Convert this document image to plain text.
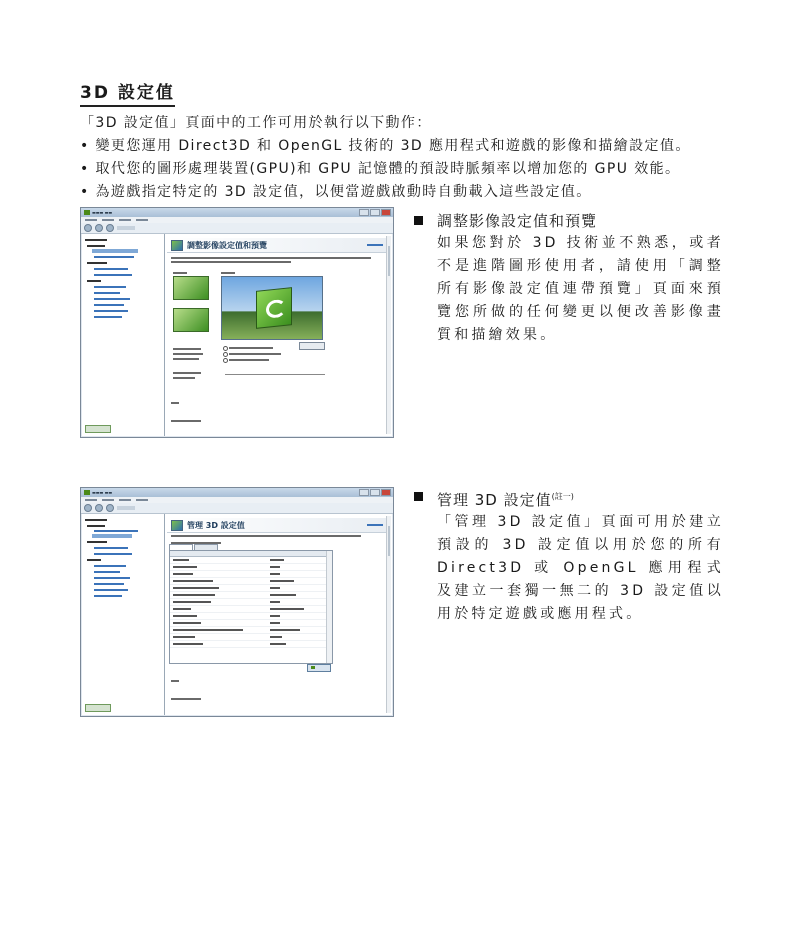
3D 設定值
「3D 設定值」頁面中的工作可用於執行以下動作：
• 變更您運用 Direct3D 和 OpenGL 技術的 3D 應用程式和遊戲的影像和描繪設定值。
• 取代您的圖形處理裝置(GPU)和 GPU 記憶體的預設時脈頻率以增加您的 GPU 效能。
• 為遊戲指定特定的 3D 設定值，以便當遊戲啟動時自動載入這些設定值。
▬▬▬ ▬▬
調整影像設定值和預覽
調整影像設定值和預覽
如果您對於 3D 技術並不熟悉，或者不是進階圖形使用者，請使用「調整所有影像設定值連帶預覽」頁面來預覽您所做的任何變更以便改善影像畫質和描繪效果。
▬▬▬ ▬▬
管理 3D 設定值
管理 3D 設定值$^{(註一)}$
「管理 3D 設定值」頁面可用於建立預設的 3D 設定值以用於您的所有 Direct3D 或 OpenGL 應用程式及建立一套獨一無二的 3D 設定值以用於特定遊戲或應用程式。
